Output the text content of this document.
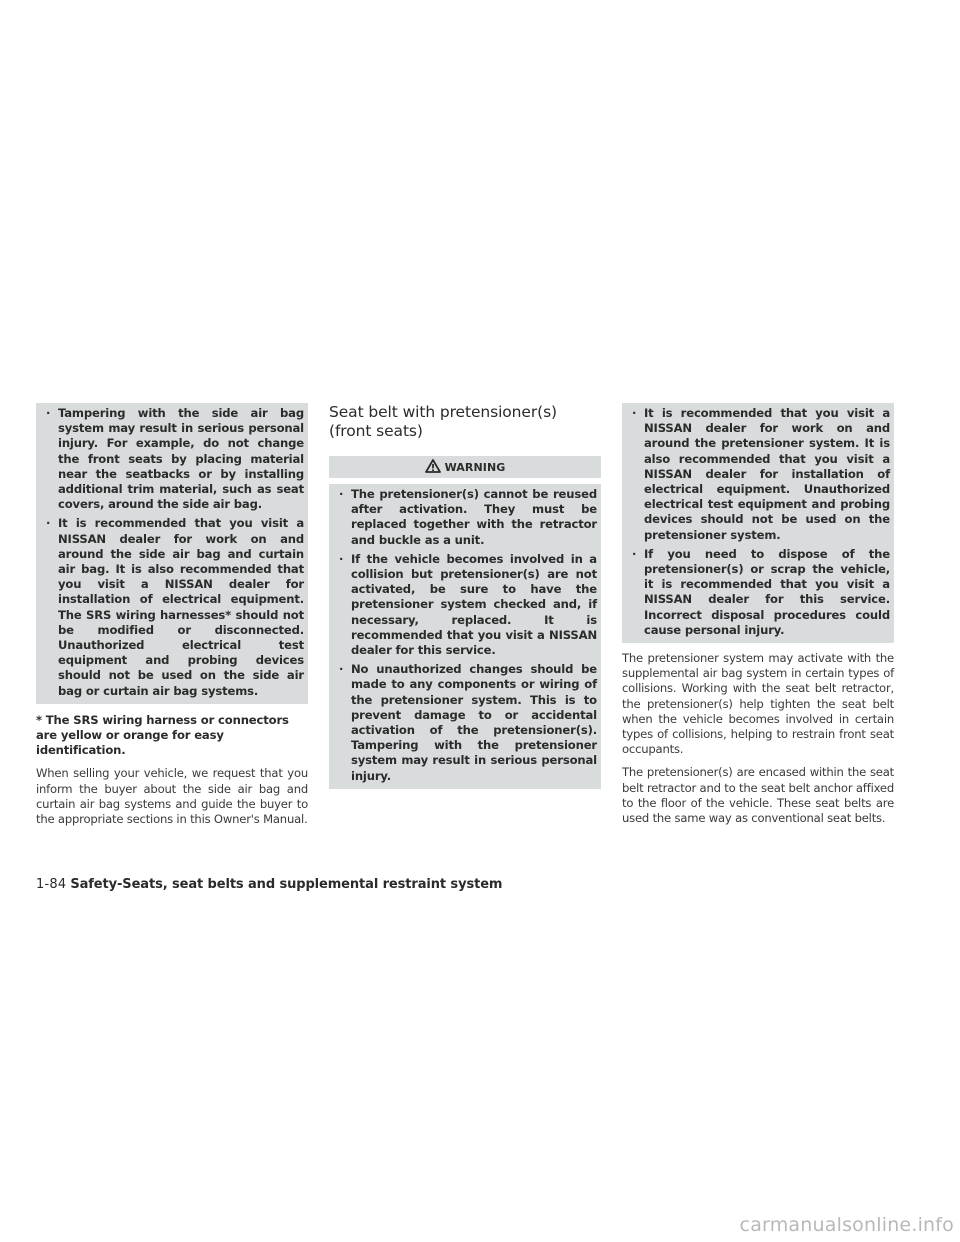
· Tampering with the side air bag system may result in serious personal injury. For example, do not change the front seats by placing material near the seatbacks or by installing additional trim material, such as seat covers, around the side air bag.
· It is recommended that you visit a NISSAN dealer for work on and around the side air bag and curtain air bag. It is also recommended that you visit a NISSAN dealer for installation of electrical equipment. The SRS wiring harnesses* should not be modified or disconnected. Unauthorized electrical test equipment and probing devices should not be used on the side air bag or curtain air bag systems.

* The SRS wiring harness or connectors are yellow or orange for easy identification.

When selling your vehicle, we request that you inform the buyer about the side air bag and curtain air bag systems and guide the buyer to the appropriate sections in this Owner's Manual.

Seat belt with pretensioner(s)
(front seats)
WARNING
· The pretensioner(s) cannot be reused after activation. They must be replaced together with the retractor and buckle as a unit.
· If the vehicle becomes involved in a collision but pretensioner(s) are not activated, be sure to have the pretensioner system checked and, if necessary, replaced. It is recommended that you visit a NISSAN dealer for this service.
· No unauthorized changes should be made to any components or wiring of the pretensioner system. This is to prevent damage to or accidental activation of the pretensioner(s). Tampering with the pretensioner system may result in serious personal injury.
· It is recommended that you visit a NISSAN dealer for work on and around the pretensioner system. It is also recommended that you visit a NISSAN dealer for installation of electrical equipment. Unauthorized electrical test equipment and probing devices should not be used on the pretensioner system.
· If you need to dispose of the pretensioner(s) or scrap the vehicle, it is recommended that you visit a NISSAN dealer for this service. Incorrect disposal procedures could cause personal injury.

The pretensioner system may activate with the supplemental air bag system in certain types of collisions. Working with the seat belt retractor, the pretensioner(s) help tighten the seat belt when the vehicle becomes involved in certain types of collisions, helping to restrain front seat occupants.

The pretensioner(s) are encased within the seat belt retractor and to the seat belt anchor affixed to the floor of the vehicle. These seat belts are used the same way as conventional seat belts.

1-84 Safety-Seats, seat belts and supplemental restraint system
carmanualsonline.info
